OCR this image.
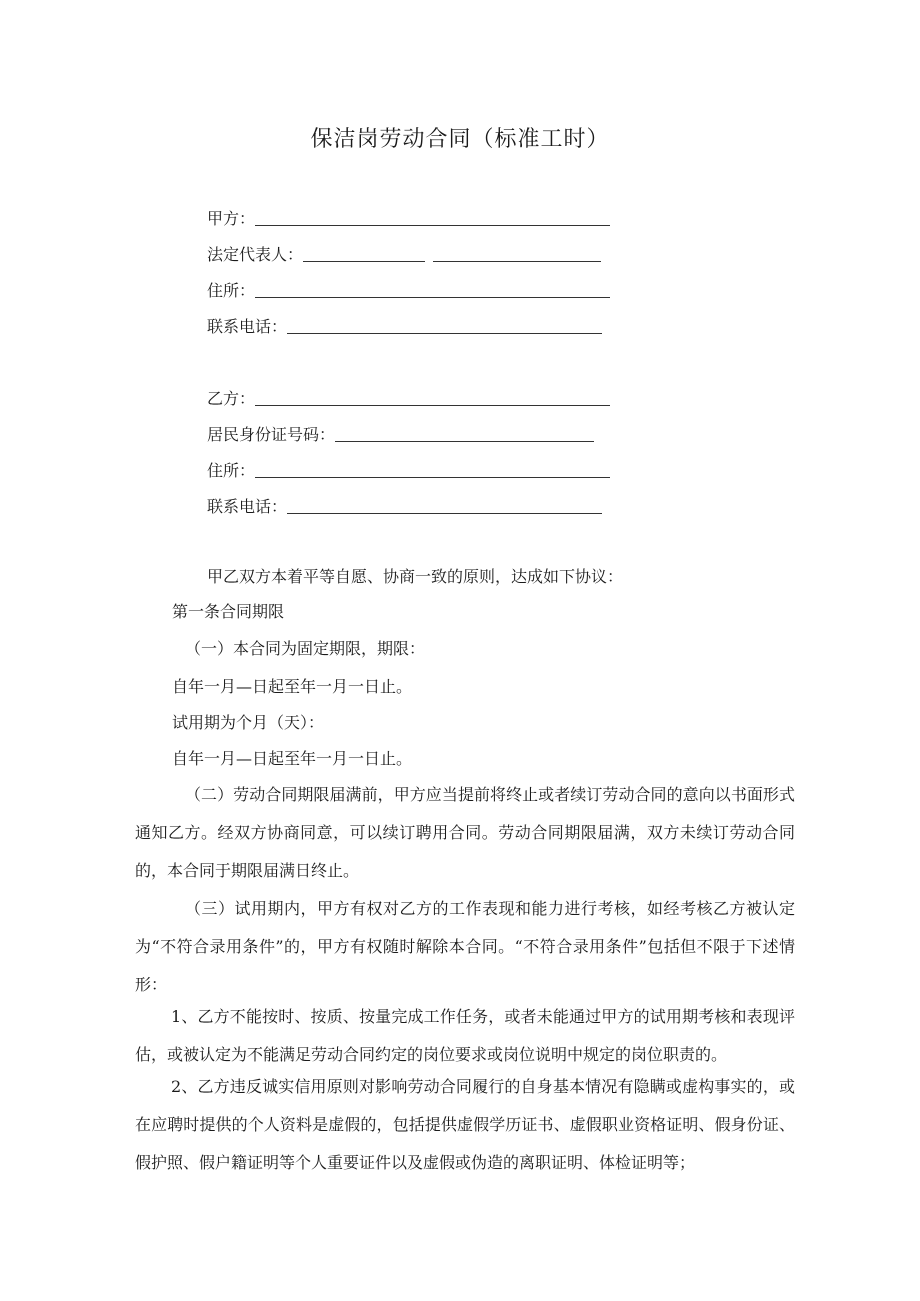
保洁岗劳动合同（标准工时）
甲方：
法定代表人：
住所：
联系电话：
乙方：
居民身份证号码：
住所：
联系电话：
甲乙双方本着平等自愿、协商一致的原则，达成如下协议：
第一条合同期限
（一）本合同为固定期限，期限：
自年一月—日起至年一月一日止。
试用期为个月（天）：
自年一月—日起至年一月一日止。
（二）劳动合同期限届满前，甲方应当提前将终止或者续订劳动合同的意向以书面形式通知乙方。经双方协商同意，可以续订聘用合同。劳动合同期限届满，双方未续订劳动合同的，本合同于期限届满日终止。
（三）试用期内，甲方有权对乙方的工作表现和能力进行考核，如经考核乙方被认定为“不符合录用条件”的，甲方有权随时解除本合同。“不符合录用条件”包括但不限于下述情形：
1、乙方不能按时、按质、按量完成工作任务，或者未能通过甲方的试用期考核和表现评估，或被认定为不能满足劳动合同约定的岗位要求或岗位说明中规定的岗位职责的。
2、乙方违反诚实信用原则对影响劳动合同履行的自身基本情况有隐瞒或虚构事实的，或在应聘时提供的个人资料是虚假的，包括提供虚假学历证书、虚假职业资格证明、假身份证、假护照、假户籍证明等个人重要证件以及虚假或伪造的离职证明、体检证明等；
